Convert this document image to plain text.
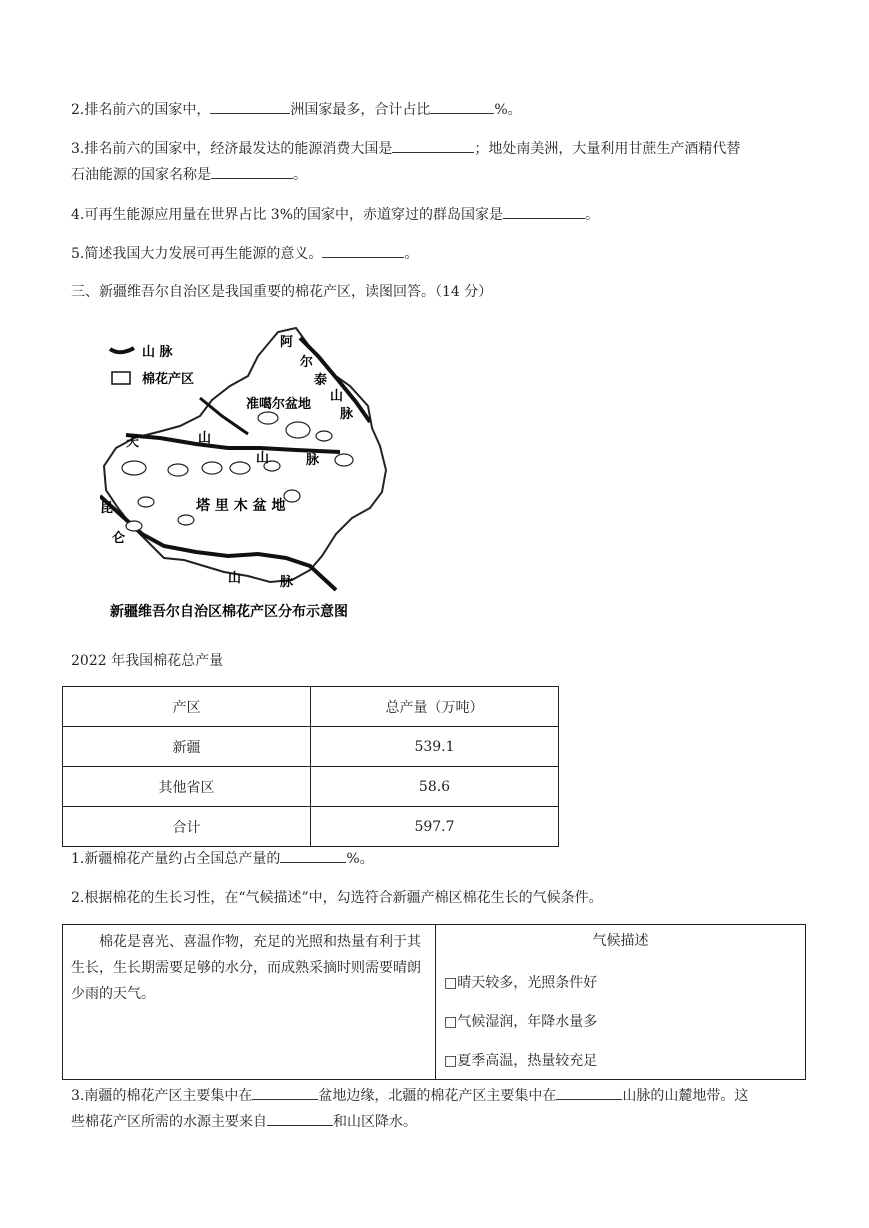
2.排名前六的国家中，	洲国家最多，合计占比	%。
3.排名前六的国家中，经济最发达的能源消费大国是	；地处南美洲，大量利用甘蔗生产酒精代替
石油能源的国家名称是	。
4.可再生能源应用量在世界占比 3%的国家中，赤道穿过的群岛国家是	。
5.简述我国大力发展可再生能源的意义。	。
三、新疆维吾尔自治区是我国重要的棉花产区，读图回答。（14 分）
山 脉
棉花产区
准噶尔盆地
塔 里 木 盆 地
阿
尔
泰
山
脉
天	山
山	脉
昆
仑
山	脉
新疆维吾尔自治区棉花产区分布示意图
2022 年我国棉花总产量
产区	总产量（万吨）
新疆	539.1
其他省区	58.6
合计	597.7
1.新疆棉花产量约占全国总产量的	%。
2.根据棉花的生长习性，在“气候描述”中，勾选符合新疆产棉区棉花生长的气候条件。
棉花是喜光、喜温作物，充足的光照和热量有利于其生长，生长期需要足够的水分，而成熟采摘时则需要晴朗少雨的天气。

气候描述
□晴天较多，光照条件好
□气候湿润，年降水量多
□夏季高温，热量较充足
3.南疆的棉花产区主要集中在	盆地边缘，北疆的棉花产区主要集中在	山脉的山麓地带。这
些棉花产区所需的水源主要来自	和山区降水。
